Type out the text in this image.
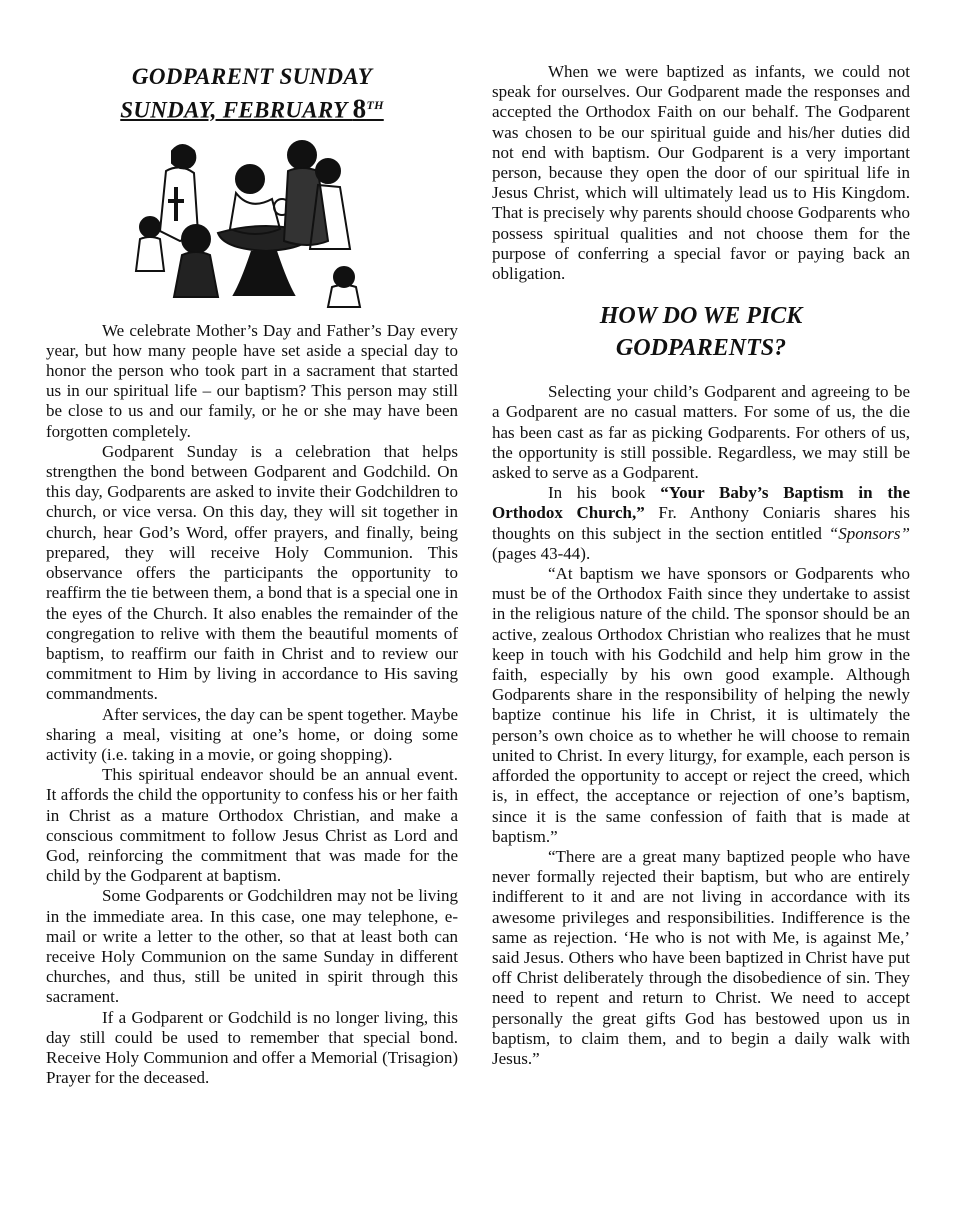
GODPARENT SUNDAY
SUNDAY, FEBRUARY 8TH

We celebrate Mother’s Day and Father’s Day every year, but how many people have set aside a special day to honor the person who took part in a sacrament that started us in our spiritual life – our baptism? This person may still be close to us and our family, or he or she may have been forgotten completely.

Godparent Sunday is a celebration that helps strengthen the bond between Godparent and Godchild. On this day, Godparents are asked to invite their Godchildren to church, or vice versa. On this day, they will sit together in church, hear God’s Word, offer prayers, and finally, being prepared, they will receive Holy Communion. This observance offers the participants the opportunity to reaffirm the tie between them, a bond that is a special one in the eyes of the Church. It also enables the remainder of the congregation to relive with them the beautiful moments of baptism, to reaffirm our faith in Christ and to review our commitment to Him by living in accordance to His saving commandments.

After services, the day can be spent together. Maybe sharing a meal, visiting at one’s home, or doing some activity (i.e. taking in a movie, or going shopping).

This spiritual endeavor should be an annual event. It affords the child the opportunity to confess his or her faith in Christ as a mature Orthodox Christian, and make a conscious commitment to follow Jesus Christ as Lord and God, reinforcing the commitment that was made for the child by the Godparent at baptism.

Some Godparents or Godchildren may not be living in the immediate area. In this case, one may telephone, e-mail or write a letter to the other, so that at least both can receive Holy Communion on the same Sunday in different churches, and thus, still be united in spirit through this sacrament.

If a Godparent or Godchild is no longer living, this day still could be used to remember that special bond. Receive Holy Communion and offer a Memorial (Trisagion) Prayer for the deceased.

When we were baptized as infants, we could not speak for ourselves. Our Godparent made the responses and accepted the Orthodox Faith on our behalf. The Godparent was chosen to be our spiritual guide and his/her duties did not end with baptism. Our Godparent is a very important person, because they open the door of our spiritual life in Jesus Christ, which will ultimately lead us to His Kingdom. That is precisely why parents should choose Godparents who possess spiritual qualities and not choose them for the purpose of conferring a special favor or paying back an obligation.

HOW DO WE PICK
GODPARENTS?

Selecting your child’s Godparent and agreeing to be a Godparent are no casual matters. For some of us, the die has been cast as far as picking Godparents. For others of us, the opportunity is still possible. Regardless, we may still be asked to serve as a Godparent.

In his book “Your Baby’s Baptism in the Orthodox Church,” Fr. Anthony Coniaris shares his thoughts on this subject in the section entitled “Sponsors” (pages 43-44).

“At baptism we have sponsors or Godparents who must be of the Orthodox Faith since they undertake to assist in the religious nature of the child. The sponsor should be an active, zealous Orthodox Christian who realizes that he must keep in touch with his Godchild and help him grow in the faith, especially by his own good example. Although Godparents share in the responsibility of helping the newly baptize continue his life in Christ, it is ultimately the person’s own choice as to whether he will choose to remain united to Christ. In every liturgy, for example, each person is afforded the opportunity to accept or reject the creed, which is, in effect, the acceptance or rejection of one’s baptism, since it is the same confession of faith that is made at baptism.”

“There are a great many baptized people who have never formally rejected their baptism, but who are entirely indifferent to it and are not living in accordance with its awesome privileges and responsibilities. Indifference is the same as rejection. ‘He who is not with Me, is against Me,’ said Jesus. Others who have been baptized in Christ have put off Christ deliberately through the disobedience of sin. They need to repent and return to Christ. We need to accept personally the great gifts God has bestowed upon us in baptism, to claim them, and to begin a daily walk with Jesus.”
